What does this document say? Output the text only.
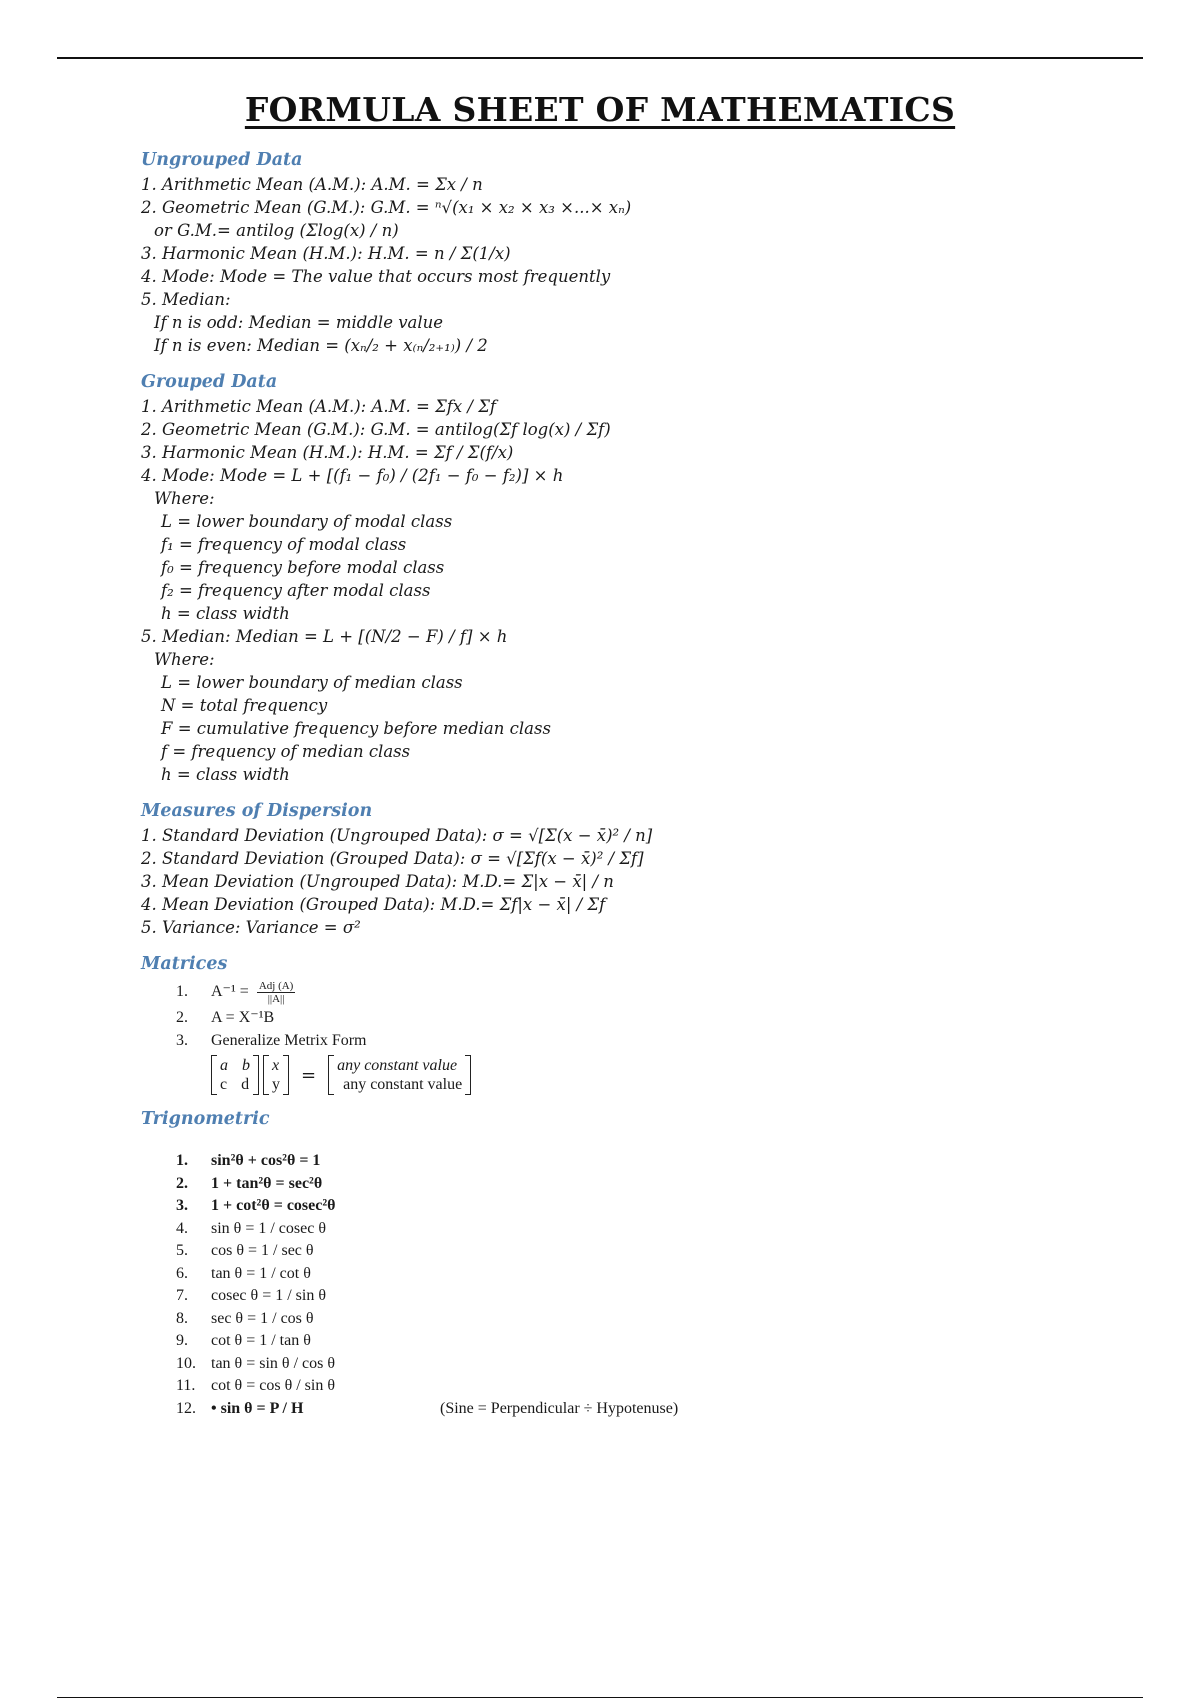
FORMULA SHEET OF MATHEMATICS
Ungrouped Data
1. Arithmetic Mean (A.M.): A.M. = Σx / n
2. Geometric Mean (G.M.): G.M. = ⁿ√(x₁ × x₂ × x₃ ×...× xₙ)
or G.M.= antilog (Σlog(x) / n)
3. Harmonic Mean (H.M.): H.M. = n / Σ(1/x)
4. Mode: Mode = The value that occurs most frequently
5. Median:
If n is odd: Median = middle value
If n is even: Median = (xₙ/₂ + x₍ₙ/₂₊₁₎) / 2
Grouped Data
1. Arithmetic Mean (A.M.): A.M. = Σfx / Σf
2. Geometric Mean (G.M.): G.M. = antilog(Σf log(x) / Σf)
3. Harmonic Mean (H.M.): H.M. = Σf / Σ(f/x)
4. Mode: Mode = L + [(f₁ − f₀) / (2f₁ − f₀ − f₂)] × h
Where:
L = lower boundary of modal class
f₁ = frequency of modal class
f₀ = frequency before modal class
f₂ = frequency after modal class
h = class width
5. Median: Median = L + [(N/2 − F) / f] × h
Where:
L = lower boundary of median class
N = total frequency
F = cumulative frequency before median class
f = frequency of median class
h = class width
Measures of Dispersion
1. Standard Deviation (Ungrouped Data): σ = √[Σ(x − x̄)² / n]
2. Standard Deviation (Grouped Data): σ = √[Σf(x − x̄)² / Σf]
3. Mean Deviation (Ungrouped Data): M.D.= Σ|x − x̄| / n
4. Mean Deviation (Grouped Data): M.D.= Σf|x − x̄| / Σf
5. Variance: Variance = σ²
Matrices
1.	$A^{-1} = \frac{\text{Adj (A)}}{||A||}$
2.	A = X⁻¹B
3.	Generalize Metrix Form
a b
c d
x
y = any constant value
any constant value
Trignometric
1.	sin²θ + cos²θ = 1
2.	1 + tan²θ = sec²θ
3.	1 + cot²θ = cosec²θ
4.	sin θ = 1 / cosec θ
5.	cos θ = 1 / sec θ
6.	tan θ = 1 / cot θ
7.	cosec θ = 1 / sin θ
8.	sec θ = 1 / cos θ
9.	cot θ = 1 / tan θ
10. tan θ = sin θ / cos θ
11. cot θ = cos θ / sin θ
12. • sin θ = P / H	(Sine = Perpendicular ÷ Hypotenuse)
